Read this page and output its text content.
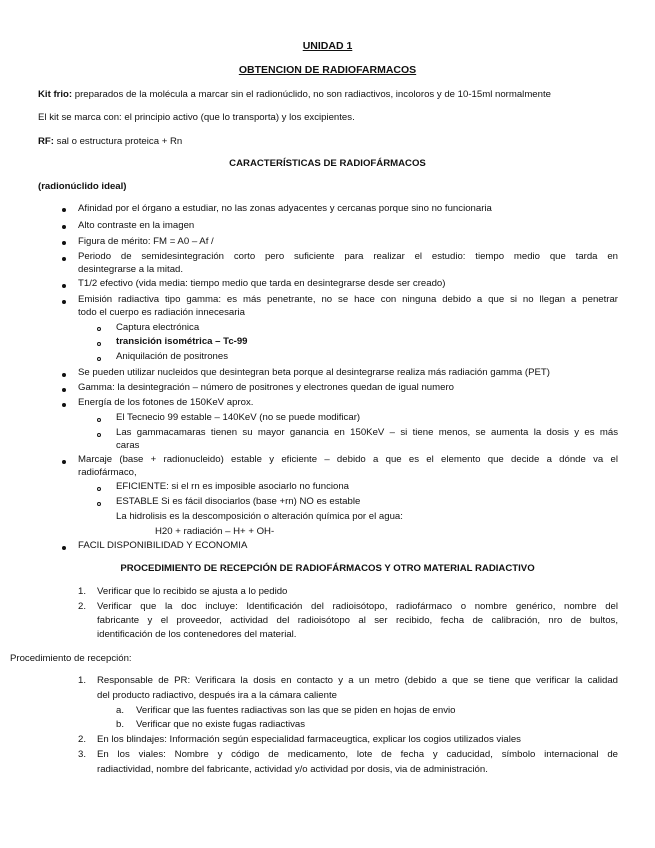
UNIDAD 1
OBTENCION DE RADIOFARMACOS
Kit frio: preparados de la molécula a marcar sin el radionúclido, no son radiactivos, incoloros y de 10-15ml normalmente
El kit se marca con: el principio activo (que lo transporta) y los excipientes.
RF: sal o estructura proteica + Rn
CARACTERÍSTICAS DE RADIOFÁRMACOS
(radionúclido ideal)
Afinidad por el órgano a estudiar, no las zonas adyacentes y cercanas porque sino no funcionaria
Alto contraste en la imagen
Figura de mérito: FM = A0 – Af /
Periodo de semidesintegración corto pero suficiente para realizar el estudio: tiempo medio que tarda en
desintegrarse a la mitad.
T1/2 efectivo (vida media: tiempo medio que tarda en desintegrarse desde ser creado)
Emisión radiactiva tipo gamma: es más penetrante, no se hace con ninguna debido a que si no llegan a penetrar
todo el cuerpo es radiación innecesaria
Captura electrónica
transición isométrica – Tc-99
Aniquilación de positrones
Se pueden utilizar nucleidos que desintegran beta porque al desintegrarse realiza más radiación gamma (PET)
Gamma: la desintegración – número de positrones y electrones quedan de igual numero
Energía de los fotones de 150KeV aprox.
El Tecnecio 99 estable – 140KeV (no se puede modificar)
Las gammacamaras tienen su mayor ganancia en 150KeV – si tiene menos, se aumenta la dosis y es más
caras
Marcaje (base + radionucleido) estable y eficiente – debido a que es el elemento que decide a dónde va el
radiofármaco,
EFICIENTE: si el rn es imposible asociarlo no funciona
ESTABLE Si es fácil disociarlos (base +rn) NO es estable
La hidrolisis es la descomposición o alteración química por el agua:
H20 + radiación – H+ + OH-
FACIL DISPONIBILIDAD Y ECONOMIA
PROCEDIMIENTO DE RECEPCIÓN DE RADIOFÁRMACOS Y OTRO MATERIAL RADIACTIVO
1. Verificar que lo recibido se ajusta a lo pedido
2. Verificar que la doc incluye: Identificación del radioisótopo, radiofármaco o nombre genérico, nombre del
fabricante y el proveedor, actividad del radioisótopo al ser recibido, fecha de calibración, nro de bultos,
identificación de los contenedores del material.
Procedimiento de recepción:
1. Responsable de PR: Verificara la dosis en contacto y a un metro (debido a que se tiene que verificar la calidad
del producto radiactivo, después ira a la cámara caliente
a. Verificar que las fuentes radiactivas son las que se piden en hojas de envio
b. Verificar que no existe fugas radiactivas
2. En los blindajes: Información según especialidad farmaceugtica, explicar los cogios utilizados viales
3. En los viales: Nombre y código de medicamento, lote de fecha y caducidad, símbolo internacional de
radiactividad, nombre del fabricante, actividad y/o actividad por dosis, via de administración.
